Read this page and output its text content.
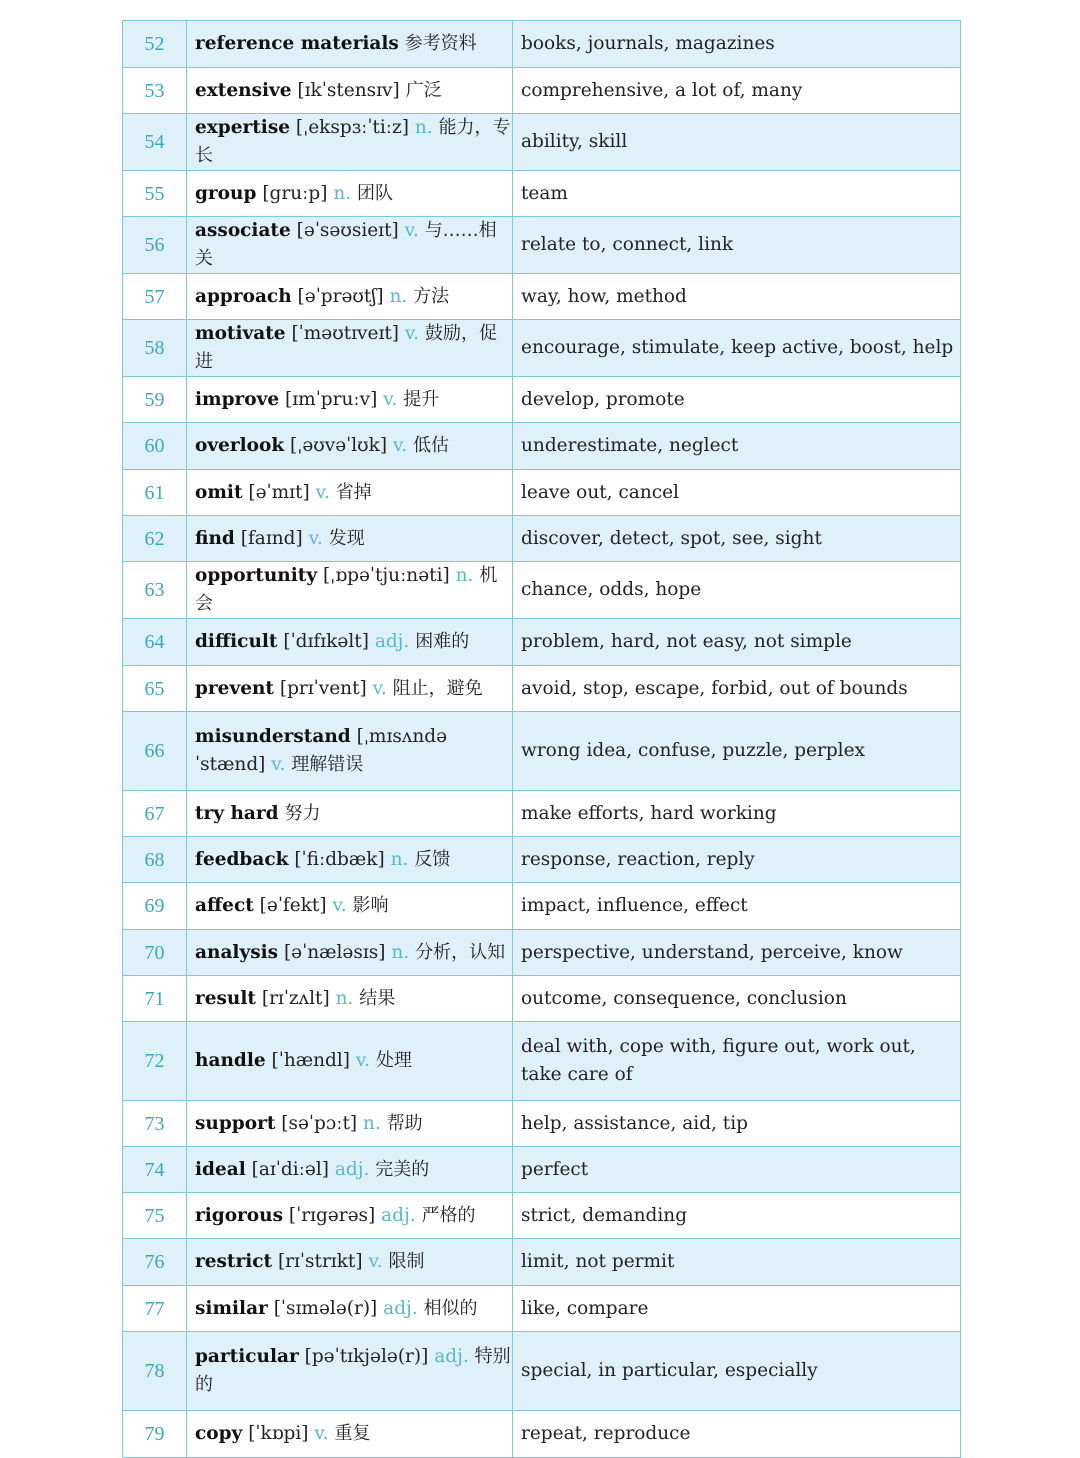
52	reference materials 参考资料	books, journals, magazines
53	extensive [ɪkˈstensɪv] 广泛	comprehensive, a lot of, many
54	expertise [ˌekspɜːˈtiːz] n. 能力，专长	ability, skill
55	group [gruːp] n. 团队	team
56	associate [əˈsəʊsieɪt] v. 与……相关	relate to, connect, link
57	approach [əˈprəʊtʃ] n. 方法	way, how, method
58	motivate [ˈməʊtɪveɪt] v. 鼓励，促进	encourage, stimulate, keep active, boost, help
59	improve [ɪmˈpruːv] v. 提升	develop, promote
60	overlook [ˌəʊvəˈlʊk] v. 低估	underestimate, neglect
61	omit [əˈmɪt] v. 省掉	leave out, cancel
62	find [faɪnd] v. 发现	discover, detect, spot, see, sight
63	opportunity [ˌɒpəˈtjuːnəti] n. 机会	chance, odds, hope
64	difficult [ˈdɪfɪkəlt] adj. 困难的	problem, hard, not easy, not simple
65	prevent [prɪˈvent] v. 阻止，避免	avoid, stop, escape, forbid, out of bounds
66	misunderstand [ˌmɪsʌndəˈstænd] v. 理解错误	wrong idea, confuse, puzzle, perplex
67	try hard 努力	make efforts, hard working
68	feedback [ˈfiːdbæk] n. 反馈	response, reaction, reply
69	affect [əˈfekt] v. 影响	impact, influence, effect
70	analysis [əˈnæləsɪs] n. 分析，认知	perspective, understand, perceive, know
71	result [rɪˈzʌlt] n. 结果	outcome, consequence, conclusion
72	handle [ˈhændl] v. 处理	deal with, cope with, figure out, work out, take care of
73	support [səˈpɔːt] n. 帮助	help, assistance, aid, tip
74	ideal [aɪˈdiːəl] adj. 完美的	perfect
75	rigorous [ˈrɪgərəs] adj. 严格的	strict, demanding
76	restrict [rɪˈstrɪkt] v. 限制	limit, not permit
77	similar [ˈsɪmələ(r)] adj. 相似的	like, compare
78	particular [pəˈtɪkjələ(r)] adj. 特别的	special, in particular, especially
79	copy [ˈkɒpi] v. 重复	repeat, reproduce
